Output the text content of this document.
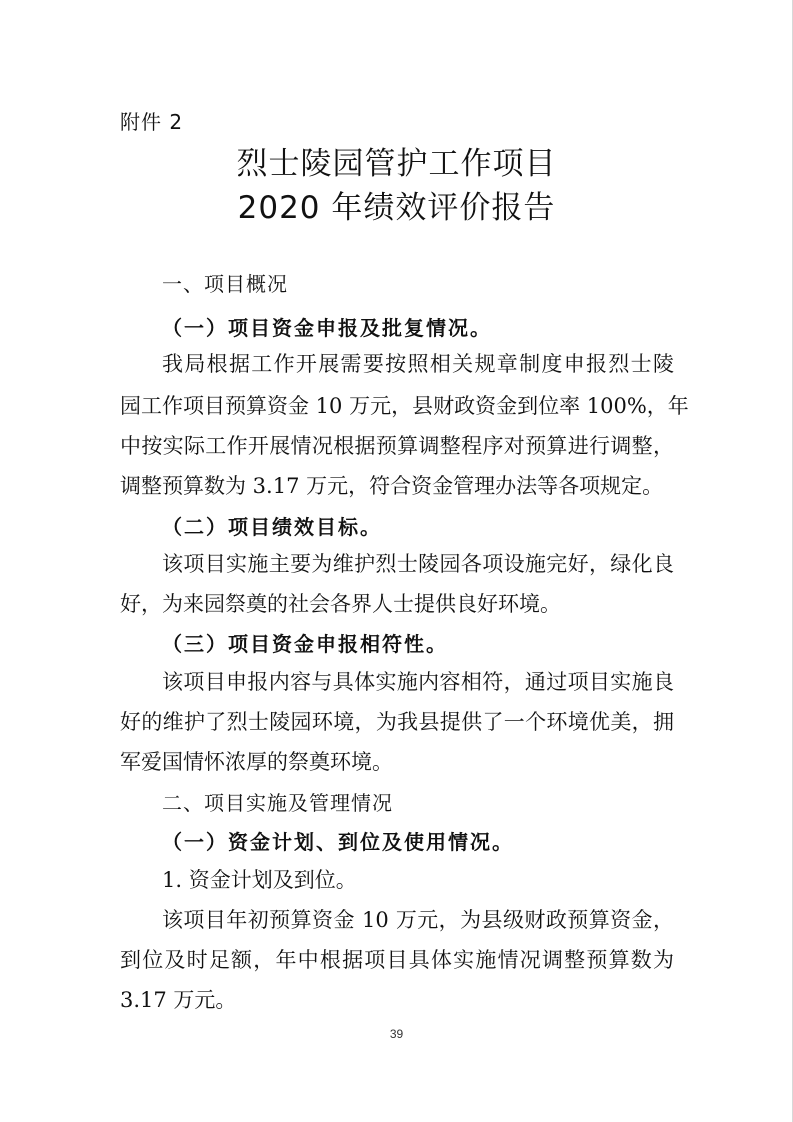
附件 2
烈士陵园管护工作项目
2020 年绩效评价报告
一、项目概况
（一）项目资金申报及批复情况。
我局根据工作开展需要按照相关规章制度申报烈士陵
园工作项目预算资金 10 万元，县财政资金到位率 100%，年
中按实际工作开展情况根据预算调整程序对预算进行调整，
调整预算数为 3.17 万元，符合资金管理办法等各项规定。
（二）项目绩效目标。
该项目实施主要为维护烈士陵园各项设施完好，绿化良
好，为来园祭奠的社会各界人士提供良好环境。
（三）项目资金申报相符性。
该项目申报内容与具体实施内容相符，通过项目实施良
好的维护了烈士陵园环境，为我县提供了一个环境优美，拥
军爱国情怀浓厚的祭奠环境。
二、项目实施及管理情况
（一）资金计划、到位及使用情况。
1. 资金计划及到位。
该项目年初预算资金 10 万元，为县级财政预算资金，
到位及时足额，年中根据项目具体实施情况调整预算数为
3.17 万元。
39
